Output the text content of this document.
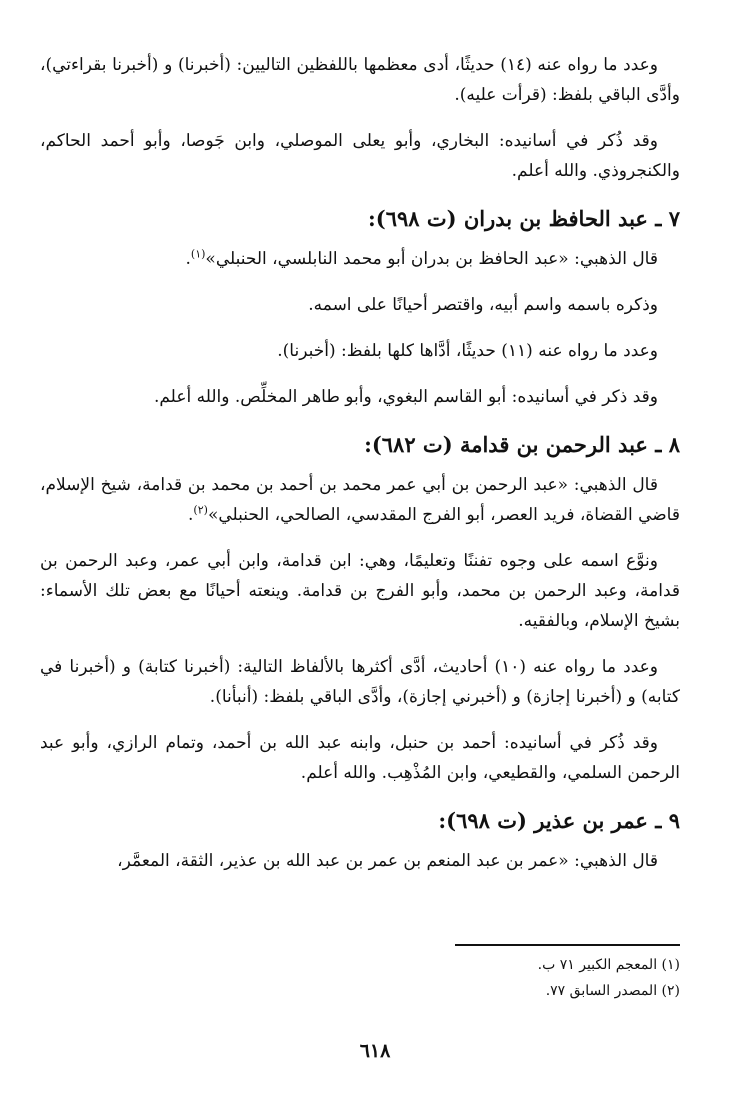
وعدد ما رواه عنه (١٤) حديثًا، أدى معظمها باللفظين التاليين: (أخبرنا) و (أخبرنا بقراءتي)، وأدَّى الباقي بلفظ: (قرأت عليه).

وقد ذُكر في أسانيده: البخاري، وأبو يعلى الموصلي، وابن جَوصا، وأبو أحمد الحاكم، والكنجروذي. والله أعلم.

٧ ـ عبد الحافظ بن بدران (ت ٦٩٨):

قال الذهبي: «عبد الحافظ بن بدران أبو محمد النابلسي، الحنبلي»$^{(١)}$.

وذكره باسمه واسم أبيه، واقتصر أحيانًا على اسمه.

وعدد ما رواه عنه (١١) حديثًا، أدَّاها كلها بلفظ: (أخبرنا).

وقد ذكر في أسانيده: أبو القاسم البغوي، وأبو طاهر المخلِّص. والله أعلم.

٨ ـ عبد الرحمن بن قدامة (ت ٦٨٢):

قال الذهبي: «عبد الرحمن بن أبي عمر محمد بن أحمد بن محمد بن قدامة، شيخ الإسلام، قاضي القضاة، فريد العصر، أبو الفرج المقدسي، الصالحي، الحنبلي»$^{(٢)}$.

ونوَّع اسمه على وجوه تفننًا وتعليمًا، وهي: ابن قدامة، وابن أبي عمر، وعبد الرحمن بن قدامة، وعبد الرحمن بن محمد، وأبو الفرج بن قدامة. وينعته أحيانًا مع بعض تلك الأسماء: بشيخ الإسلام، وبالفقيه.

وعدد ما رواه عنه (١٠) أحاديث، أدَّى أكثرها بالألفاظ التالية: (أخبرنا كتابة) و (أخبرنا في كتابه) و (أخبرنا إجازة) و (أخبرني إجازة)، وأدَّى الباقي بلفظ: (أنبأنا).

وقد ذُكر في أسانيده: أحمد بن حنبل، وابنه عبد الله بن أحمد، وتمام الرازي، وأبو عبد الرحمن السلمي، والقطيعي، وابن المُذْهِب. والله أعلم.

٩ ـ عمر بن عذير (ت ٦٩٨):

قال الذهبي: «عمر بن عبد المنعم بن عمر بن عبد الله بن عذير، الثقة، المعمَّر،

(١) المعجم الكبير ٧١ ب.

(٢) المصدر السابق ٧٧.

٦١٨
